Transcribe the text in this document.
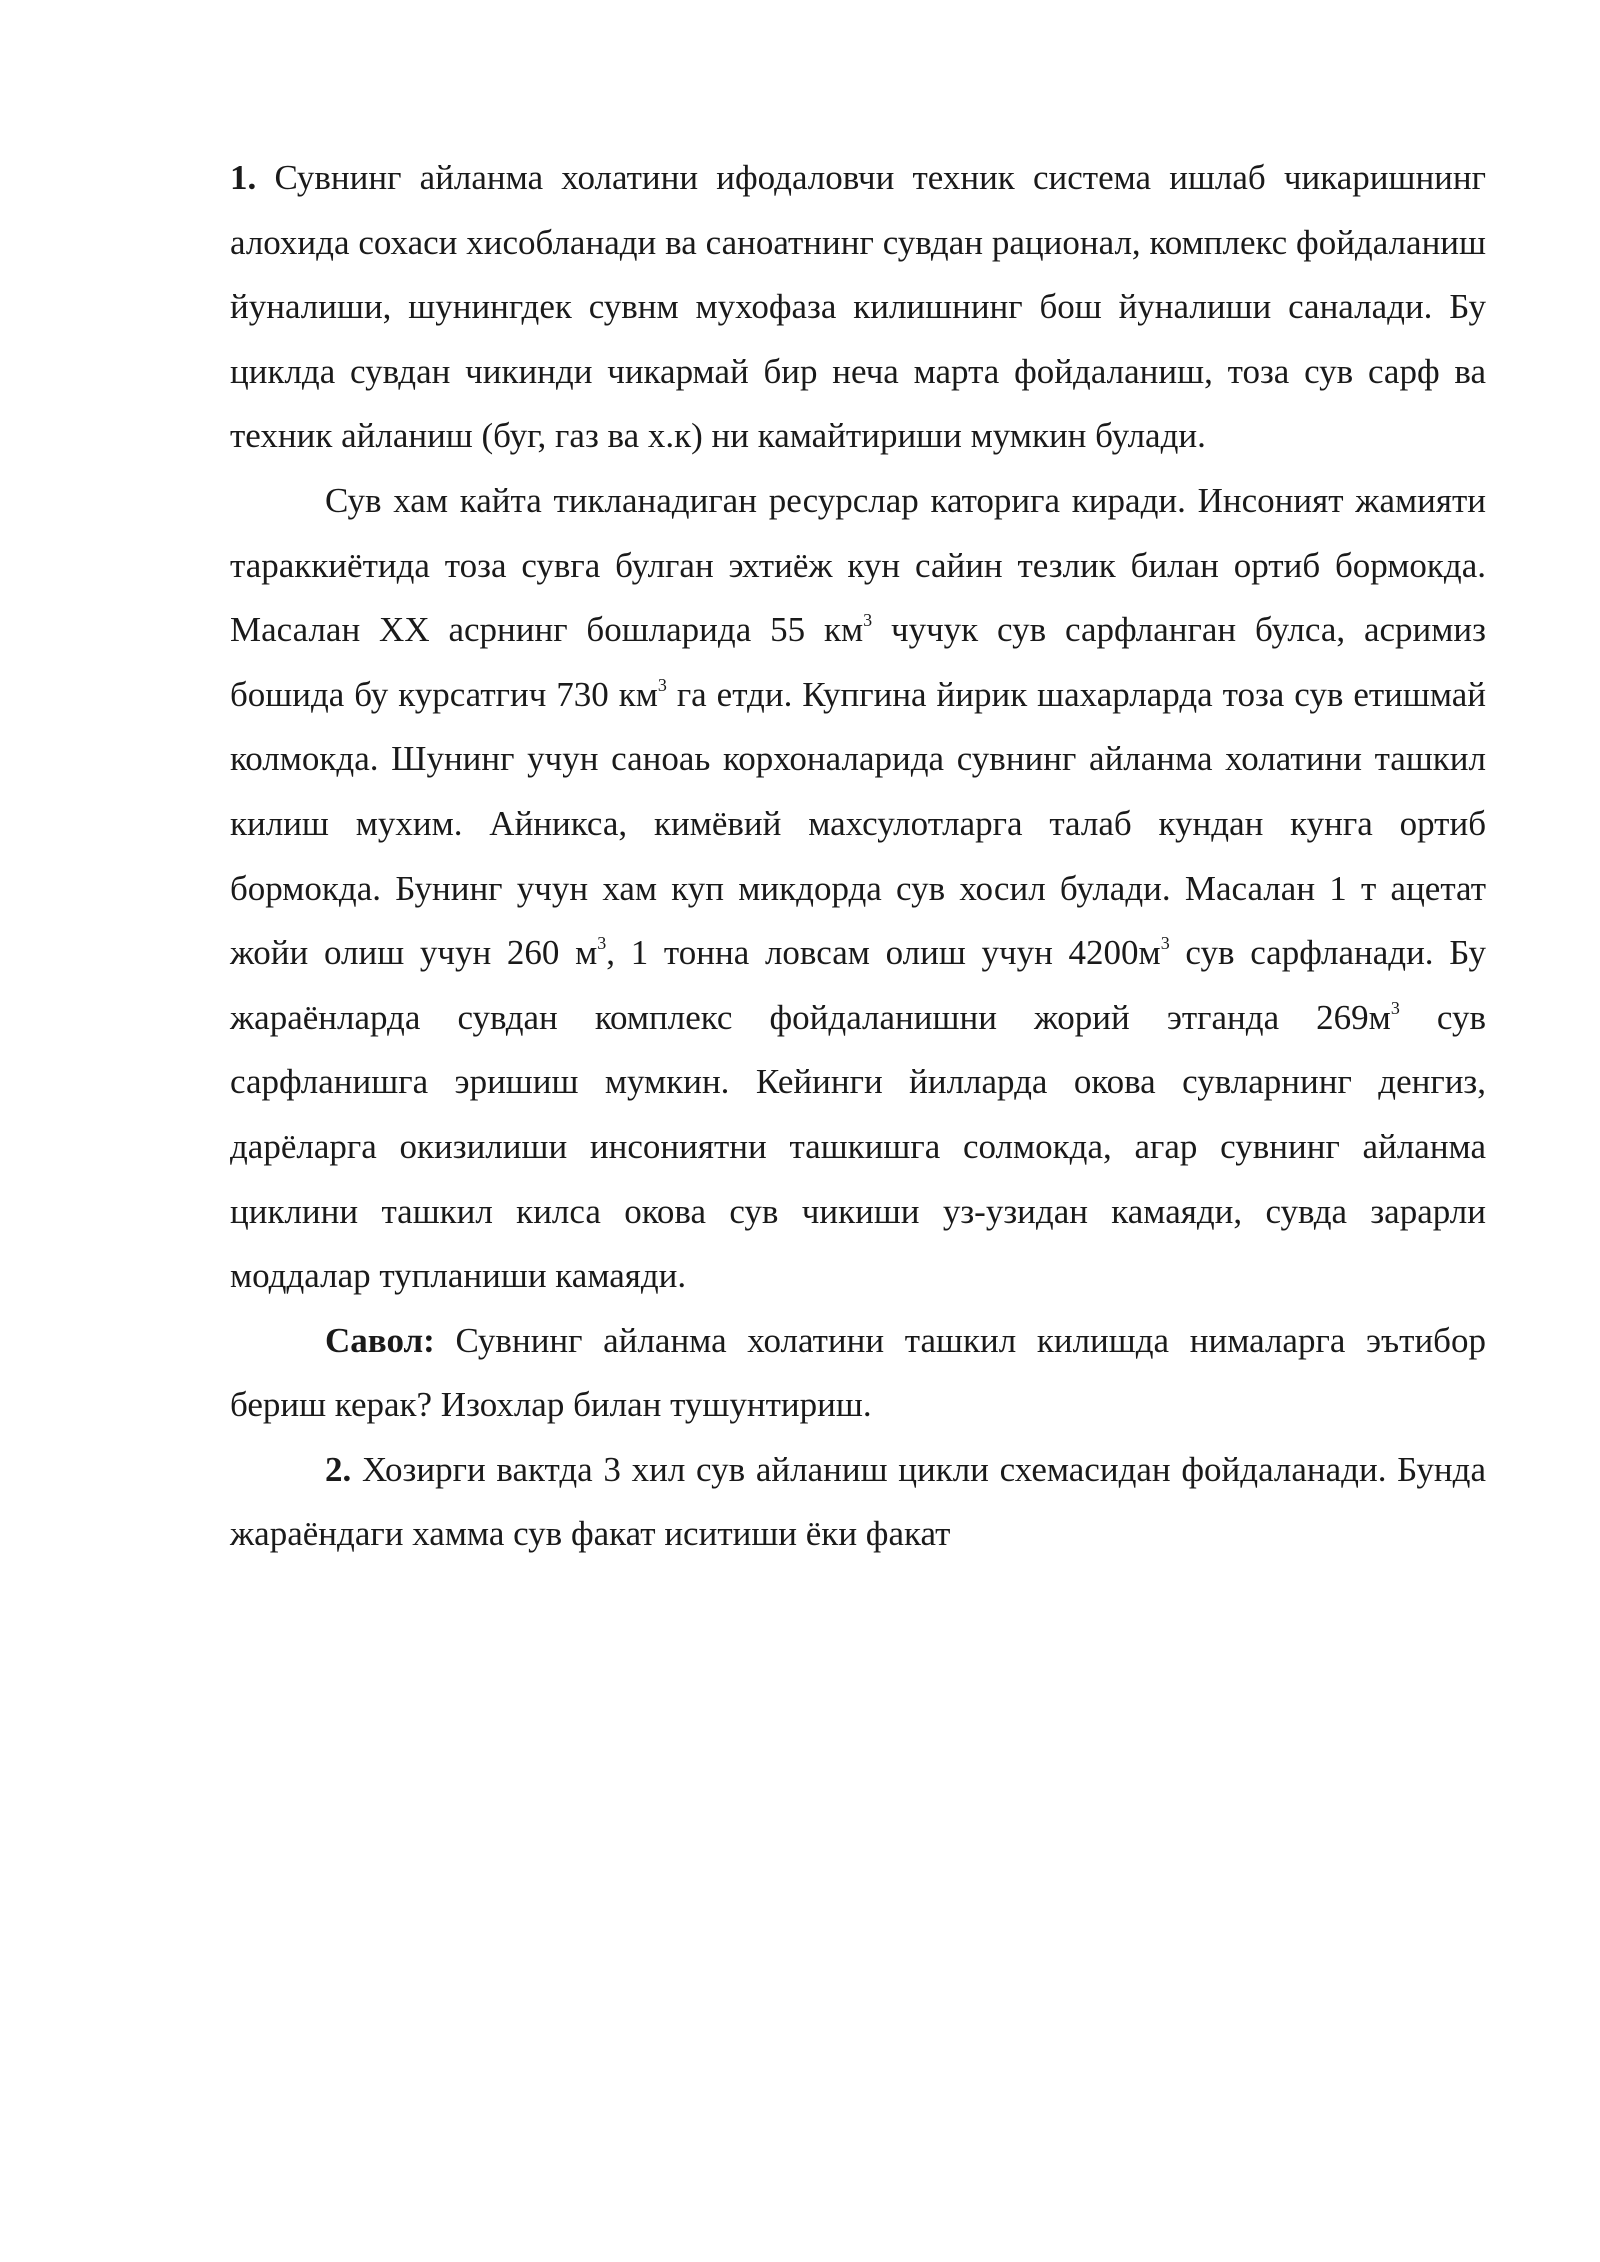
1. Сувнинг айланма холатини ифодаловчи техник система ишлаб чикаришнинг алохида сохаси хисобланади ва саноатнинг сувдан рационал, комплекс фойдаланиш йуналиши, шунингдек сувнм мухофаза килишнинг бош йуналиши саналади. Бу циклда сувдан чикинди чикармай бир неча марта фойдаланиш, тоза сув сарф ва техник айланиш (буг, газ ва х.к) ни камайтириши мумкин булади.

Сув хам кайта тикланадиган ресурслар каторига киради. Инсоният жамияти тараккиётида тоза сувга булган эхтиёж кун сайин тезлик билан ортиб бормокда. Масалан XX асрнинг бошларида 55 $км^3$ чучук сув сарфланган булса, асримиз бошида бу курсатгич 730 $км^3$ га етди. Купгина йирик шахарларда тоза сув етишмай колмокда. Шунинг учун саноаь корхоналарида сувнинг айланма холатини ташкил килиш мухим. Айникса, кимёвий махсулотларга талаб кундан кунга ортиб бормокда. Бунинг учун хам куп микдорда сув хосил булади. Масалан 1 т ацетат жойи олиш учун 260 $м^3$, 1 тонна ловсам олиш учун $4200м^3$ сув сарфланади. Бу жараёнларда сувдан комплекс фойдаланишни жорий этганда $269м^3$ сув сарфланишга эришиш мумкин. Кейинги йилларда окова сувларнинг денгиз, дарёларга окизилиши инсониятни ташкишга солмокда, агар сувнинг айланма циклини ташкил килса окова сув чикиши уз-узидан камаяди, сувда зарарли моддалар тупланиши камаяди.

Савол: Сувнинг айланма холатини ташкил килишда нималарга эътибор бериш керак? Изохлар билан тушунтириш.

2. Хозирги вактда 3 хил сув айланиш цикли схемасидан фойдаланади. Бунда жараёндаги хамма сув факат иситиши ёки факат
